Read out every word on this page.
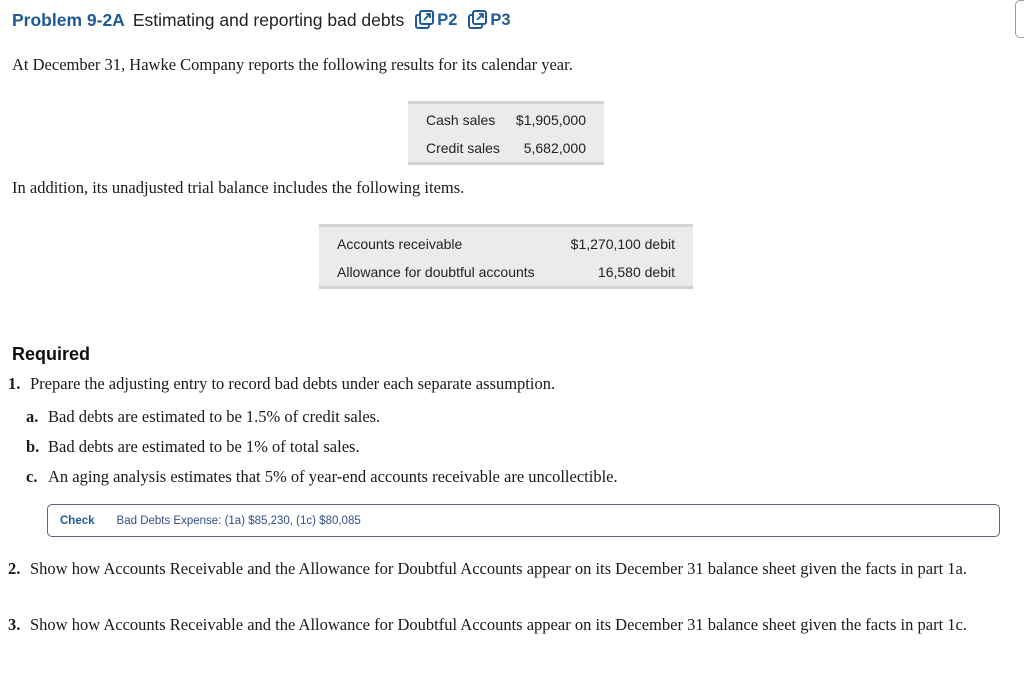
Problem 9-2A Estimating and reporting bad debts P2 P3
At December 31, Hawke Company reports the following results for its calendar year.
Cash sales $1,905,000
Credit sales 5,682,000
In addition, its unadjusted trial balance includes the following items.
Accounts receivable	$1,270,100 debit
Allowance for doubtful accounts	16,580 debit
Required
1. Prepare the adjusting entry to record bad debts under each separate assumption.
a. Bad debts are estimated to be 1.5% of credit sales.
b. Bad debts are estimated to be 1% of total sales.
c. An aging analysis estimates that 5% of year-end accounts receivable are uncollectible.
Check Bad Debts Expense: (1a) $85,230, (1c) $80,085
2. Show how Accounts Receivable and the Allowance for Doubtful Accounts appear on its December 31 balance sheet given the facts in part 1a.
3. Show how Accounts Receivable and the Allowance for Doubtful Accounts appear on its December 31 balance sheet given the facts in part 1c.
